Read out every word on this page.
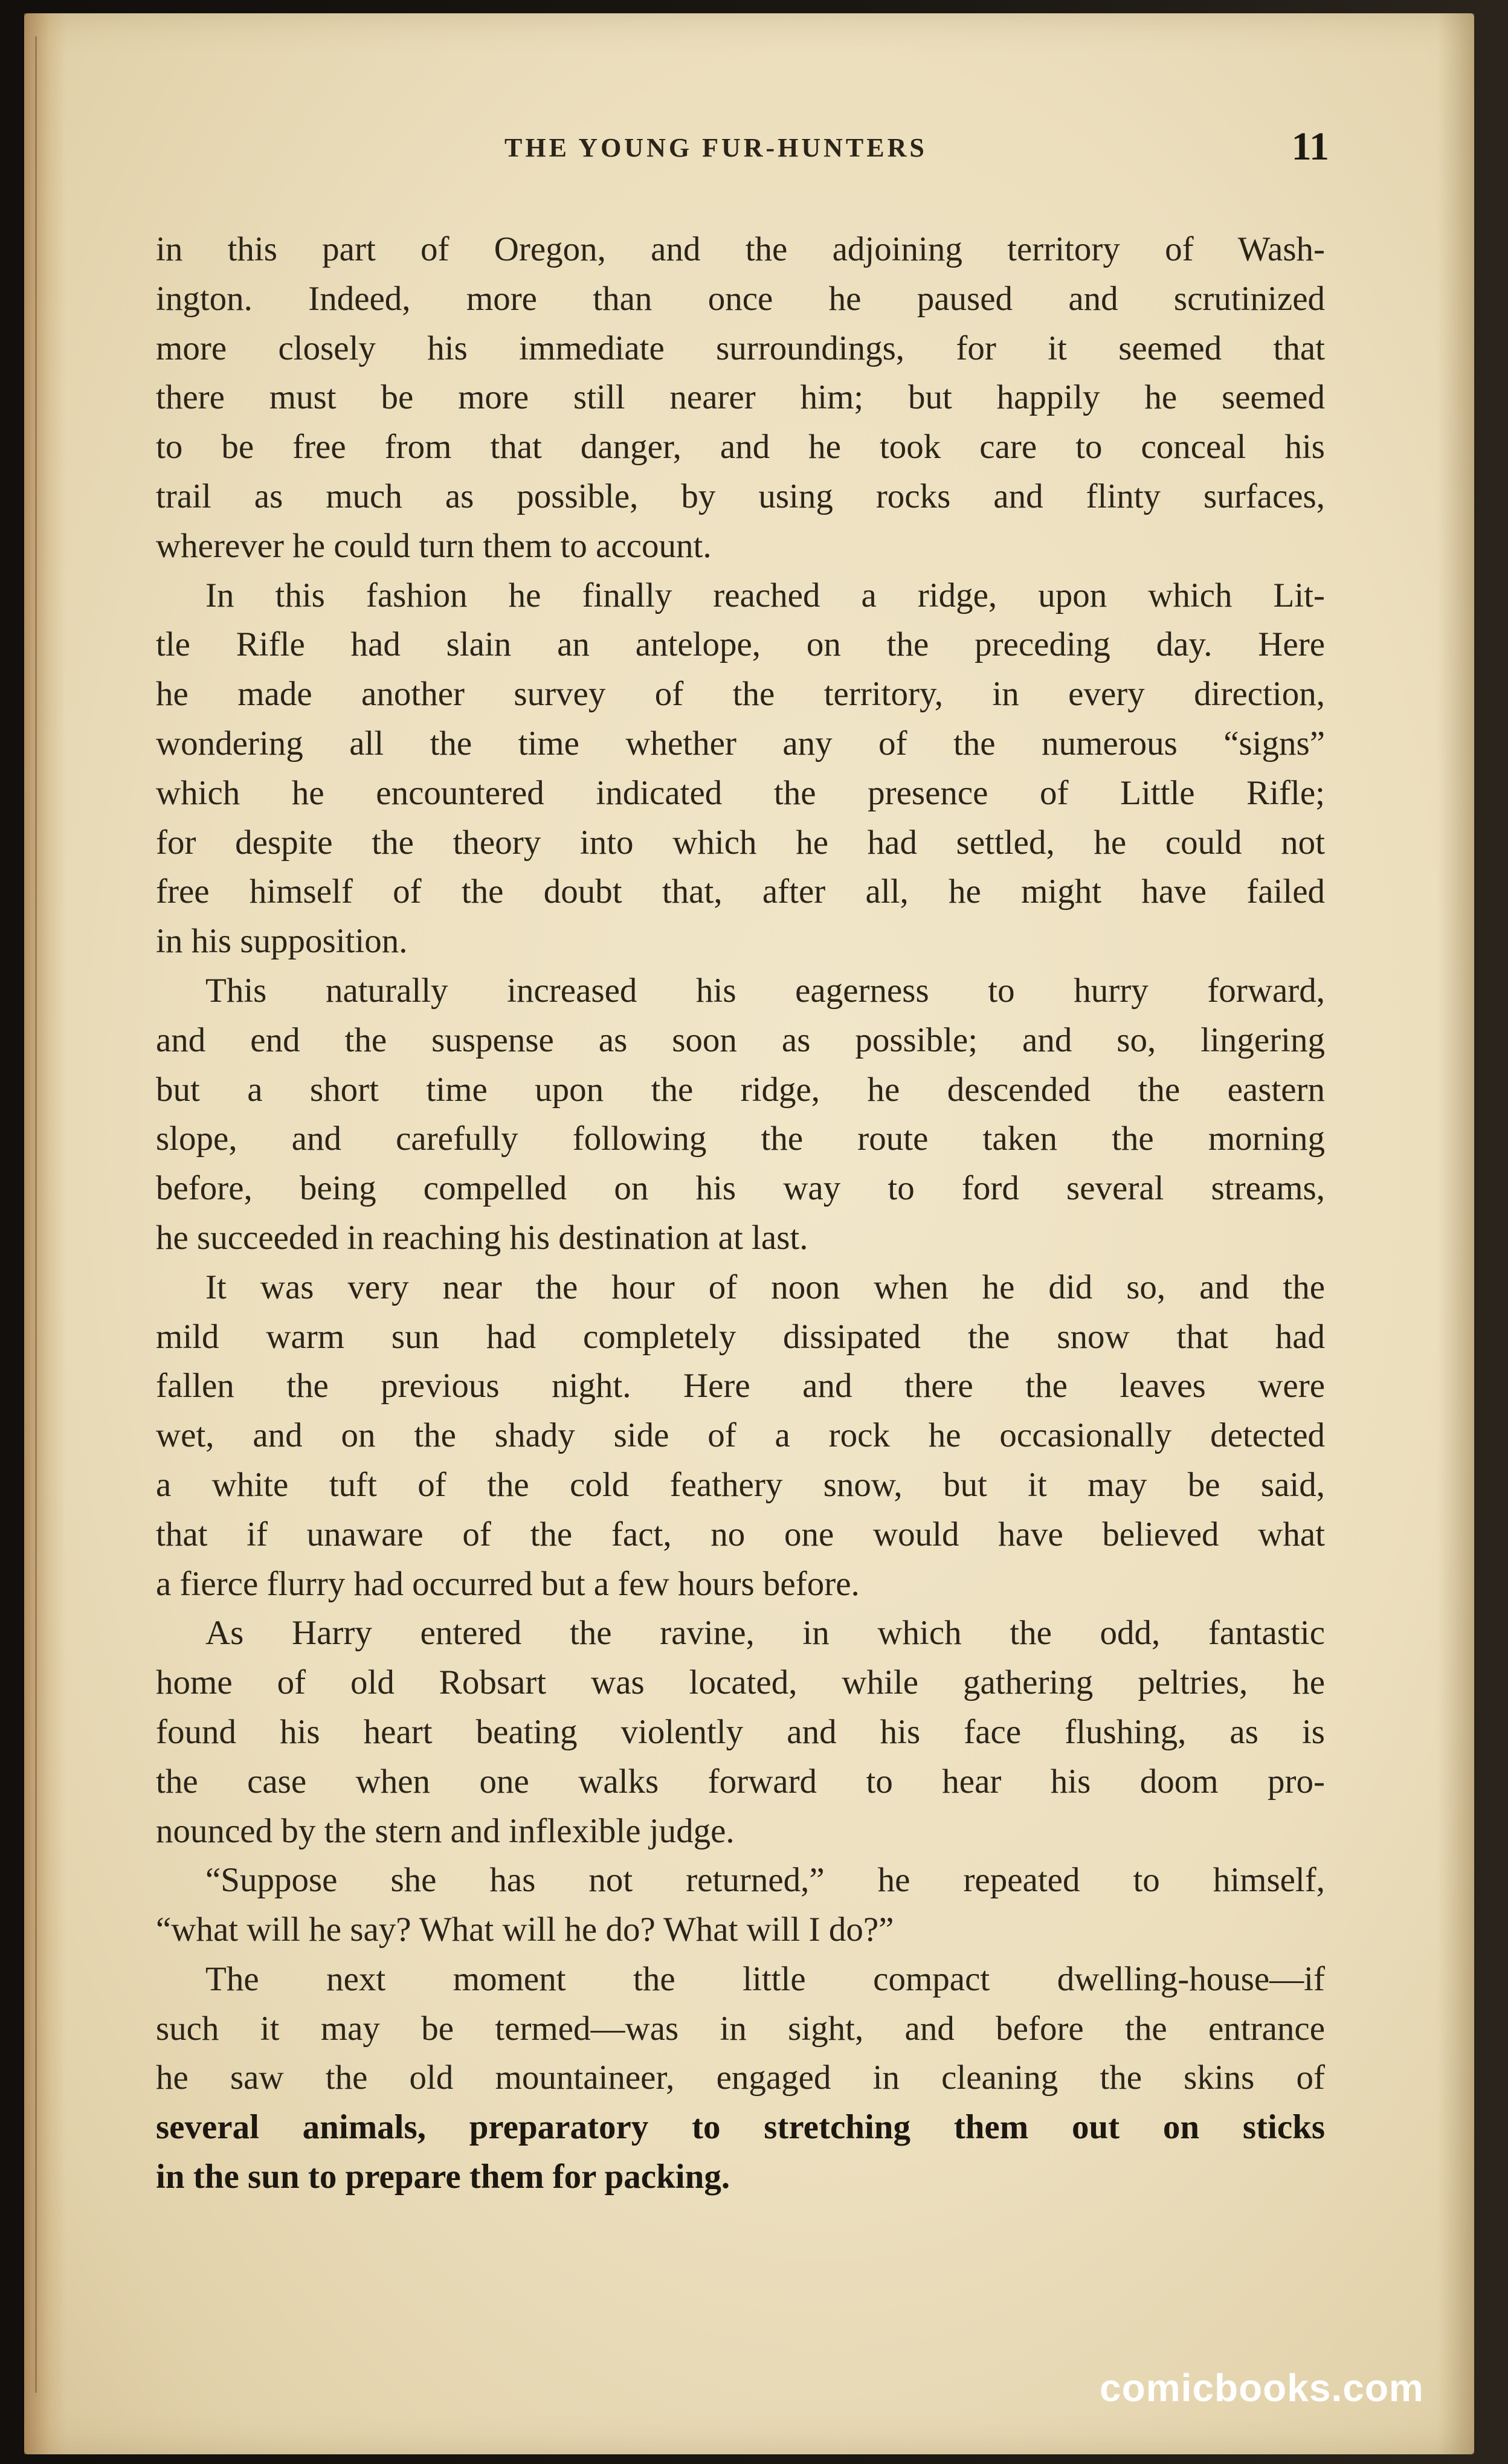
THE YOUNG FUR-HUNTERS	11
in this part of Oregon, and the adjoining territory of Wash-
ington. Indeed, more than once he paused and scrutinized
more closely his immediate surroundings, for it seemed that
there must be more still nearer him; but happily he seemed
to be free from that danger, and he took care to conceal his
trail as much as possible, by using rocks and flinty surfaces,
wherever he could turn them to account.
In this fashion he finally reached a ridge, upon which Lit-
tle Rifle had slain an antelope, on the preceding day. Here
he made another survey of the territory, in every direction,
wondering all the time whether any of the numerous “signs”
which he encountered indicated the presence of Little Rifle;
for despite the theory into which he had settled, he could not
free himself of the doubt that, after all, he might have failed
in his supposition.
This naturally increased his eagerness to hurry forward,
and end the suspense as soon as possible; and so, lingering
but a short time upon the ridge, he descended the eastern
slope, and carefully following the route taken the morning
before, being compelled on his way to ford several streams,
he succeeded in reaching his destination at last.
It was very near the hour of noon when he did so, and the
mild warm sun had completely dissipated the snow that had
fallen the previous night. Here and there the leaves were
wet, and on the shady side of a rock he occasionally detected
a white tuft of the cold feathery snow, but it may be said,
that if unaware of the fact, no one would have believed what
a fierce flurry had occurred but a few hours before.
As Harry entered the ravine, in which the odd, fantastic
home of old Robsart was located, while gathering peltries, he
found his heart beating violently and his face flushing, as is
the case when one walks forward to hear his doom pro-
nounced by the stern and inflexible judge.
“Suppose she has not returned,” he repeated to himself,
“what will he say? What will he do? What will I do?”
The next moment the little compact dwelling-house—if
such it may be termed—was in sight, and before the entrance
he saw the old mountaineer, engaged in cleaning the skins of
several animals, preparatory to stretching them out on sticks
in the sun to prepare them for packing.
comicbooks.com
